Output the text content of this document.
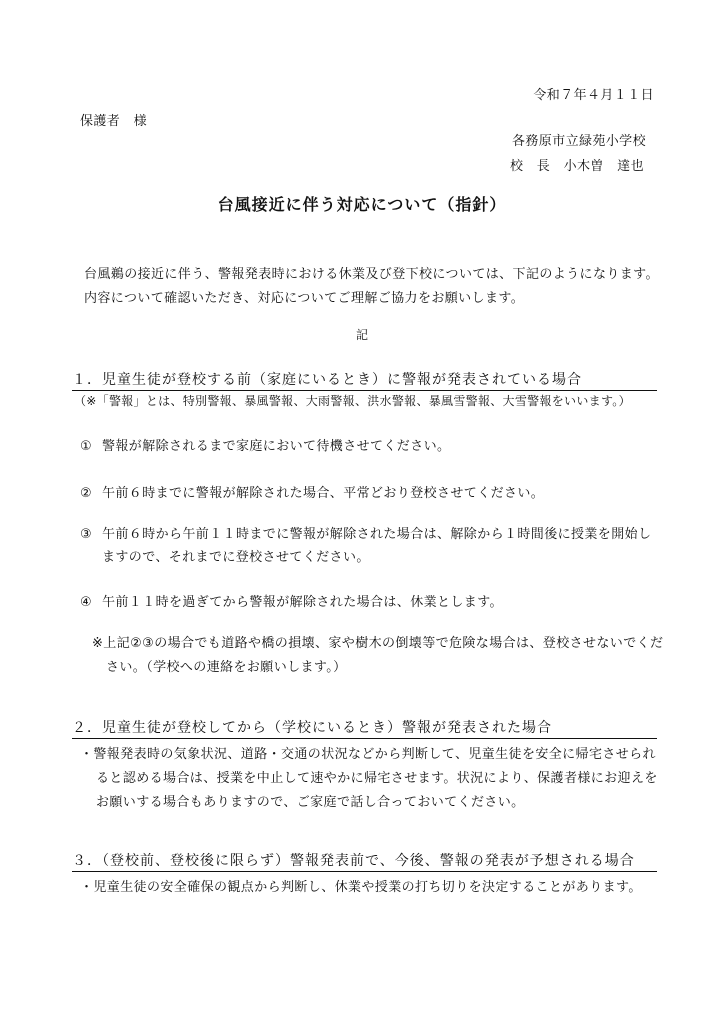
令和７年４月１１日
保護者　様
各務原市立緑苑小学校
校　長　小木曽　達也
台風接近に伴う対応について（指針）
台風鵜の接近に伴う、警報発表時における休業及び登下校については、下記のようになります。
内容について確認いただき、対応についてご理解ご協力をお願いします。
記
１．児童生徒が登校する前（家庭にいるとき）に警報が発表されている場合
（※「警報」とは、特別警報、暴風警報、大雨警報、洪水警報、暴風雪警報、大雪警報をいいます。）
① 警報が解除されるまで家庭において待機させてください。
② 午前６時までに警報が解除された場合、平常どおり登校させてください。
③ 午前６時から午前１１時までに警報が解除された場合は、解除から１時間後に授業を開始し
ますので、それまでに登校させてください。
④ 午前１１時を過ぎてから警報が解除された場合は、休業とします。
※上記②③の場合でも道路や橋の損壊、家や樹木の倒壊等で危険な場合は、登校させないでくだ
さい。（学校への連絡をお願いします。）
２．児童生徒が登校してから（学校にいるとき）警報が発表された場合
・警報発表時の気象状況、道路・交通の状況などから判断して、児童生徒を安全に帰宅させられ
ると認める場合は、授業を中止して速やかに帰宅させます。状況により、保護者様にお迎えを
お願いする場合もありますので、ご家庭で話し合っておいてください。
３．（登校前、登校後に限らず）警報発表前で、今後、警報の発表が予想される場合
・児童生徒の安全確保の観点から判断し、休業や授業の打ち切りを決定することがあります。
